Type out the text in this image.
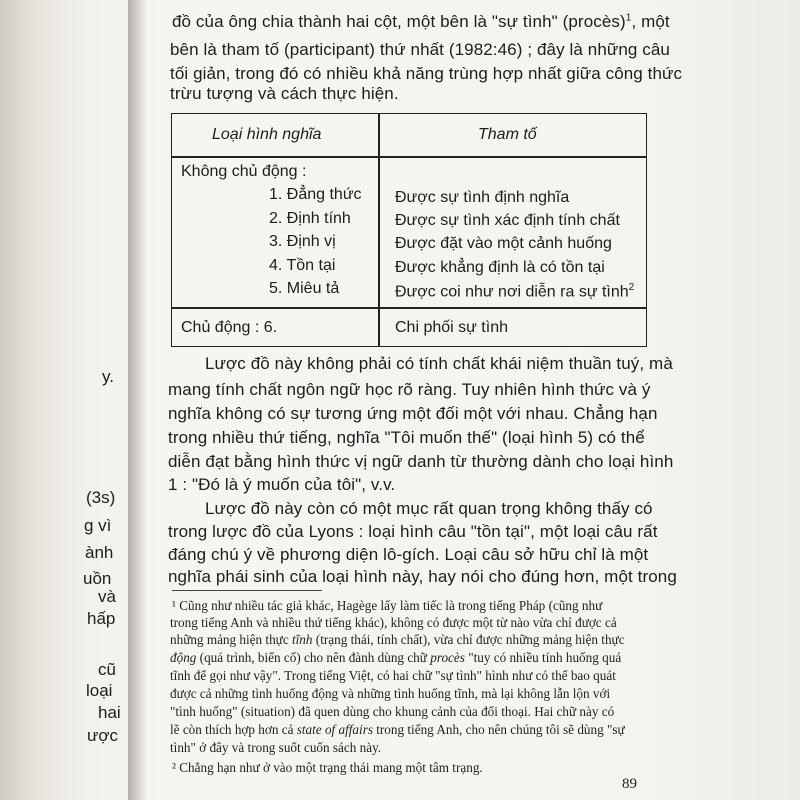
y.
(3s)
g vì
ành
uồn
và
hấp
cũ
loại
hai
ược
đồ của ông chia thành hai cột, một bên là "sự tình" (procès)$^1$, một
bên là tham tố (participant) thứ nhất (1982:46) ; đây là những câu
tối giản, trong đó có nhiều khả năng trùng hợp nhất giữa công thức
trừu tượng và cách thực hiện.
Loại hình nghĩa	Tham tố
Không chủ động :
1. Đẳng thức
2. Định tính
3. Định vị
4. Tồn tại
5. Miêu tả
Được sự tình định nghĩa
Được sự tình xác định tính chất
Được đặt vào một cảnh huống
Được khẳng định là có tồn tại
Được coi như nơi diễn ra sự tình$^2$
Chủ động : 6.	Chi phối sự tình
Lược đồ này không phải có tính chất khái niệm thuần tuý, mà
mang tính chất ngôn ngữ học rõ ràng. Tuy nhiên hình thức và ý
nghĩa không có sự tương ứng một đối một với nhau. Chẳng hạn
trong nhiều thứ tiếng, nghĩa "Tôi muốn thế" (loại hình 5) có thể
diễn đạt bằng hình thức vị ngữ danh từ thường dành cho loại hình
1 : "Đó là ý muốn của tôi", v.v.
Lược đồ này còn có một mục rất quan trọng không thấy có
trong lược đồ của Lyons : loại hình câu "tồn tại", một loại câu rất
đáng chú ý về phương diện lô-gích. Loại câu sở hữu chỉ là một
nghĩa phái sinh của loại hình này, hay nói cho đúng hơn, một trong
¹ Cũng như nhiều tác giả khác, Hagège lấy làm tiếc là trong tiếng Pháp (cũng như
trong tiếng Anh và nhiều thứ tiếng khác), không có được một từ nào vừa chỉ được cả
những mảng hiện thực tĩnh (trạng thái, tính chất), vừa chỉ được những mảng hiện thực
động (quá trình, biến cố) cho nên đành dùng chữ procès "tuy có nhiều tính huống quá
tĩnh để gọi như vậy". Trong tiếng Việt, có hai chữ "sự tình" hình như có thể bao quát
được cả những tình huống động và những tình huống tĩnh, mà lại không lẫn lộn với
"tình huống" (situation) đã quen dùng cho khung cảnh của đối thoại. Hai chữ này có
lẽ còn thích hợp hơn cả state of affairs trong tiếng Anh, cho nên chúng tôi sẽ dùng "sự
tình" ở đây và trong suốt cuốn sách này.
² Chẳng hạn như ở vào một trạng thái mang một tâm trạng.
89
